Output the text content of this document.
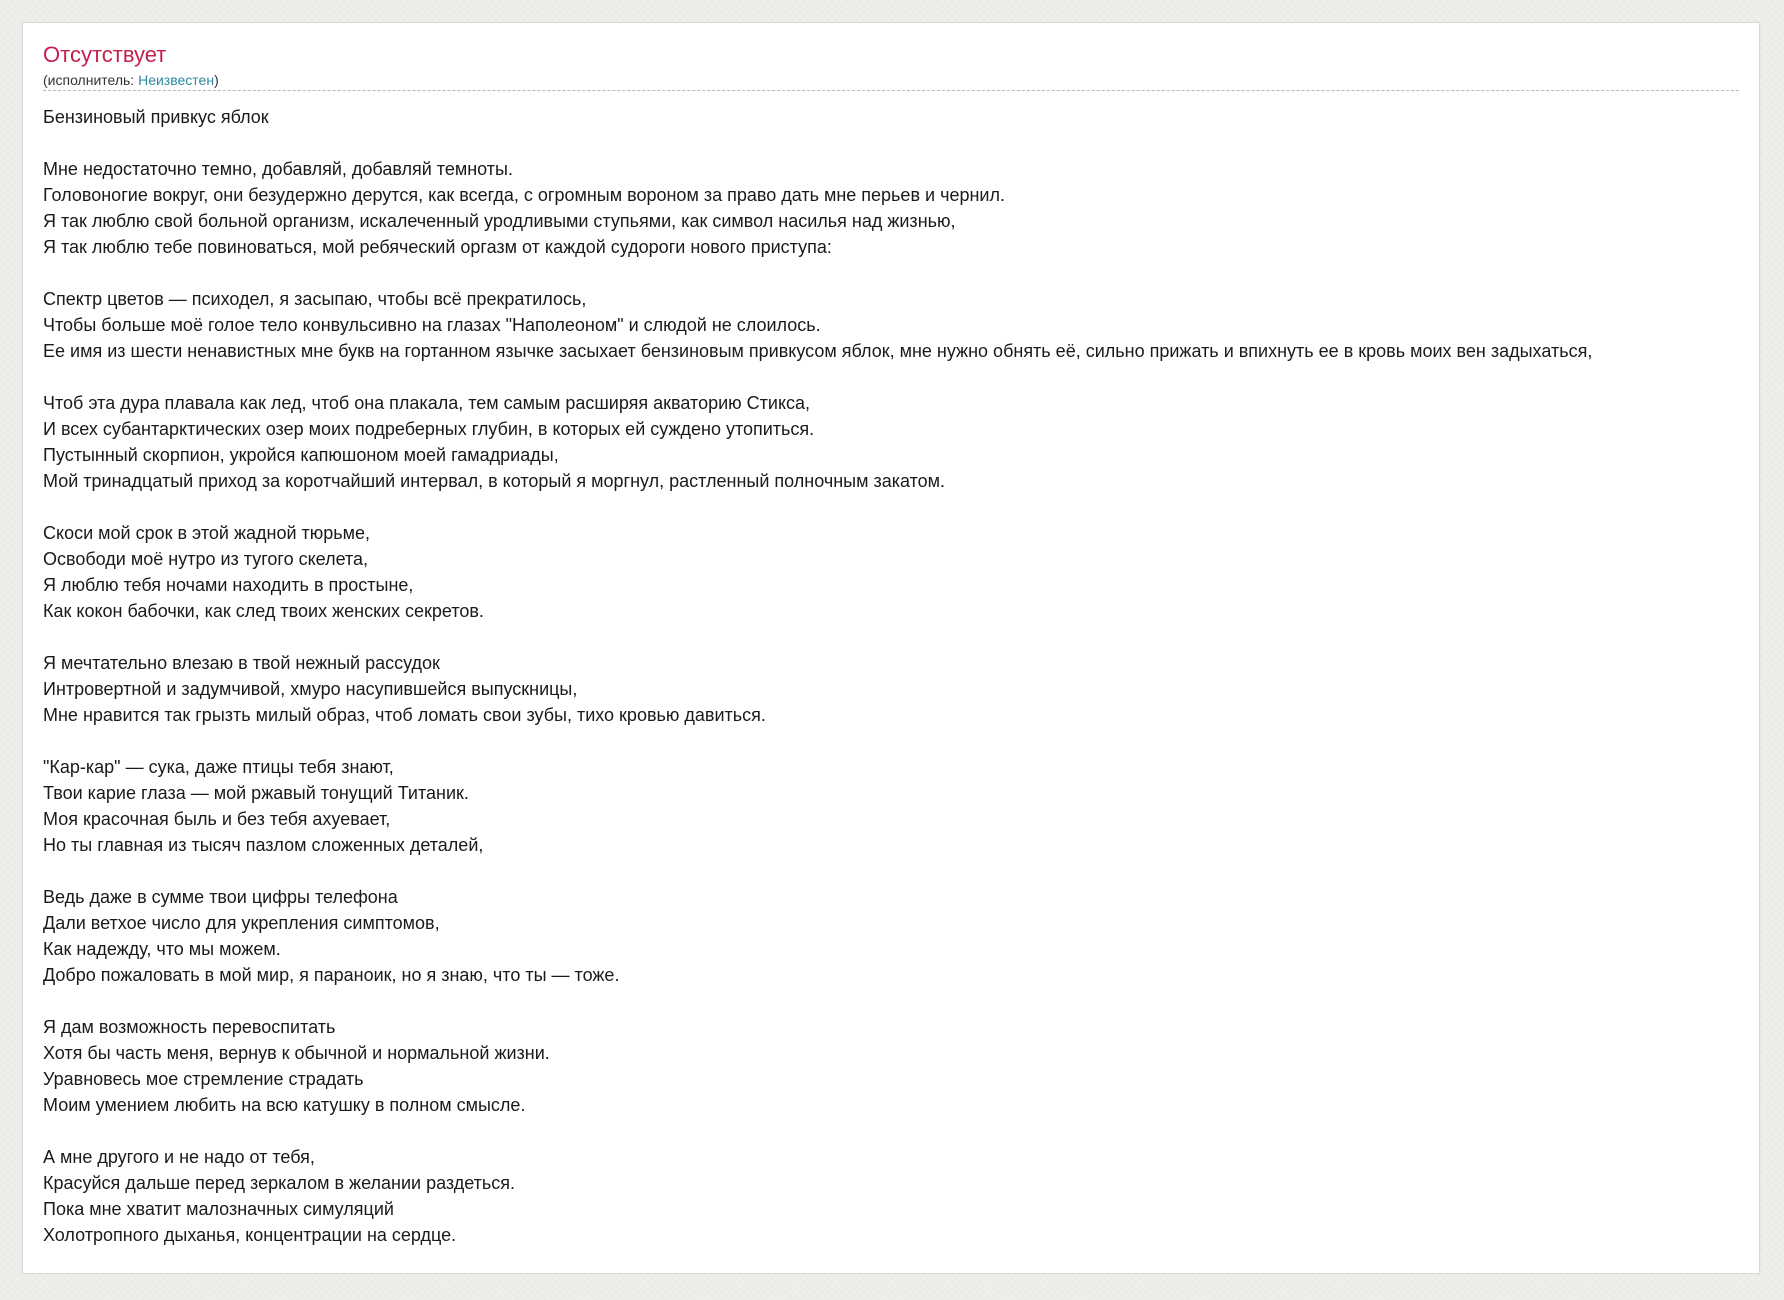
Отсутствует
(исполнитель: Неизвестен)
Бензиновый привкус яблок
Мне недостаточно темно, добавляй, добавляй темноты.
Головоногие вокруг, они безудержно дерутся, как всегда, с огромным вороном за право дать мне перьев и чернил.
Я так люблю свой больной организм, искалеченный уродливыми ступьями, как символ насилья над жизнью,
Я так люблю тебе повиноваться, мой ребяческий оргазм от каждой судороги нового приступа:
Спектр цветов — психодел, я засыпаю, чтобы всё прекратилось,
Чтобы больше моё голое тело конвульсивно на глазах "Наполеоном" и слюдой не слоилось.
Ее имя из шести ненавистных мне букв на гортанном язычке засыхает бензиновым привкусом яблок, мне нужно обнять её, сильно прижать и впихнуть ее в кровь моих вен задыхаться,
Чтоб эта дура плавала как лед, чтоб она плакала, тем самым расширяя акваторию Стикса,
И всех субантарктических озер моих подреберных глубин, в которых ей суждено утопиться.
Пустынный скорпион, укройся капюшоном моей гамадриады,
Мой тринадцатый приход за коротчайший интервал, в который я моргнул, растленный полночным закатом.
Скоси мой срок в этой жадной тюрьме,
Освободи моё нутро из тугого скелета,
Я люблю тебя ночами находить в простыне,
Как кокон бабочки, как след твоих женских секретов.
Я мечтательно влезаю в твой нежный рассудок
Интровертной и задумчивой, хмуро насупившейся выпускницы,
Мне нравится так грызть милый образ, чтоб ломать свои зубы, тихо кровью давиться.
"Кар-кар" — сука, даже птицы тебя знают,
Твои карие глаза — мой ржавый тонущий Титаник.
Моя красочная быль и без тебя ахуевает,
Но ты главная из тысяч пазлом сложенных деталей,
Ведь даже в сумме твои цифры телефона
Дали ветхое число для укрепления симптомов,
Как надежду, что мы можем.
Добро пожаловать в мой мир, я параноик, но я знаю, что ты — тоже.
Я дам возможность перевоспитать
Хотя бы часть меня, вернув к обычной и нормальной жизни.
Уравновесь мое стремление страдать
Моим умением любить на всю катушку в полном смысле.
А мне другого и не надо от тебя,
Красуйся дальше перед зеркалом в желании раздеться.
Пока мне хватит малозначных симуляций
Холотропного дыханья, концентрации на сердце.
